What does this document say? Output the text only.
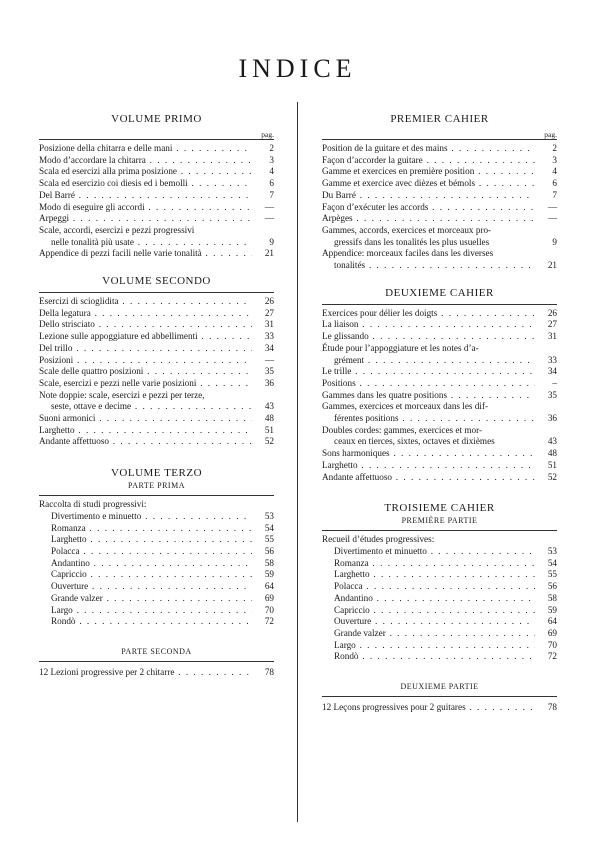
INDICE
VOLUME PRIMO
pag.
Posizione della chitarra e delle mani . . .	2
Modo d’accordare la chitarra . . .	3
Scala ed esercizi alla prima posizione . . .	4
Scala ed esercizio coi diesis ed i bemolli . . .	6
Del Barré . . .	7
Modo di eseguire gli accordi . . .	—
Arpeggi . . .	—
Scale, accordi, esercizi e pezzi progressivi
nelle tonalità più usate . . .	9
Appendice di pezzi facili nelle varie tonalità . . .	21
VOLUME SECONDO
Esercizi di scioglidita . . .	26
Della legatura . . .	27
Dello strisciato . . .	31
Lezione sulle appoggiature ed abbellimenti . . .	33
Del trillo . . .	34
Posizioni . . .	—
Scale delle quattro posizioni . . .	35
Scale, esercizi e pezzi nelle varie posizioni . . .	36
Note doppie: scale, esercizi e pezzi per terze,
seste, ottave e decime . . .	43
Suoni armonici . . .	48
Larghetto . . .	51
Andante affettuoso . . .	52
VOLUME TERZO
PARTE PRIMA
Raccolta di studi progressivi:
Divertimento e minuetto . . .	53
Romanza . . .	54
Larghetto . . .	55
Polacca . . .	56
Andantino . . .	58
Capriccio . . .	59
Ouverture . . .	64
Grande valzer . . .	69
Largo . . .	70
Rondò . . .	72
PARTE SECONDA
12 Lezioni progressive per 2 chitarre . . .	78
PREMIER CAHIER
pag.
Position de la guitare et des mains . . .	2
Façon d’accorder la guitare . . .	3
Gamme et exercices en première position . . .	4
Gamme et exercice avec dièzes et bémols . . .	6
Du Barré . . .	7
Façon d’exécuter les accords . . .	—
Arpèges . . .	—
Gammes, accords, exercices et morceaux pro-
gressifs dans les tonalités les plus usuelles	9
Appendice: morceaux faciles dans les diverses
tonalités . . .	21
DEUXIEME CAHIER
Exercices pour délier les doigts . . .	26
La liaison . . .	27
Le glissando . . .	31
Étude pour l’appoggiature et les notes d’a-
grément . . .	33
Le trille . . .	34
Positions . . .	–
Gammes dans les quatre positions . . .	35
Gammes, exercices et morceaux dans les dif-
férentes positions . . .	36
Doubles cordes: gammes, exercices et mor-
ceaux en tierces, sixtes, octaves et dixièmes	43
Sons harmoniques . . .	48
Larghetto . . .	51
Andante affettuoso . . .	52
TROISIEME CAHIER
PREMIÈRE PARTIE
Recueil d’études progressives:
Divertimento et minuetto . . .	53
Romanza . . .	54
Larghetto . . .	55
Polacca . . .	56
Andantino . . .	58
Capriccio . . .	59
Ouverture . . .	64
Grande valzer . . .	69
Largo . . .	70
Rondò . . .	72
DEUXIEME PARTIE
12 Leçons progressives pour 2 guitares . . .	78
